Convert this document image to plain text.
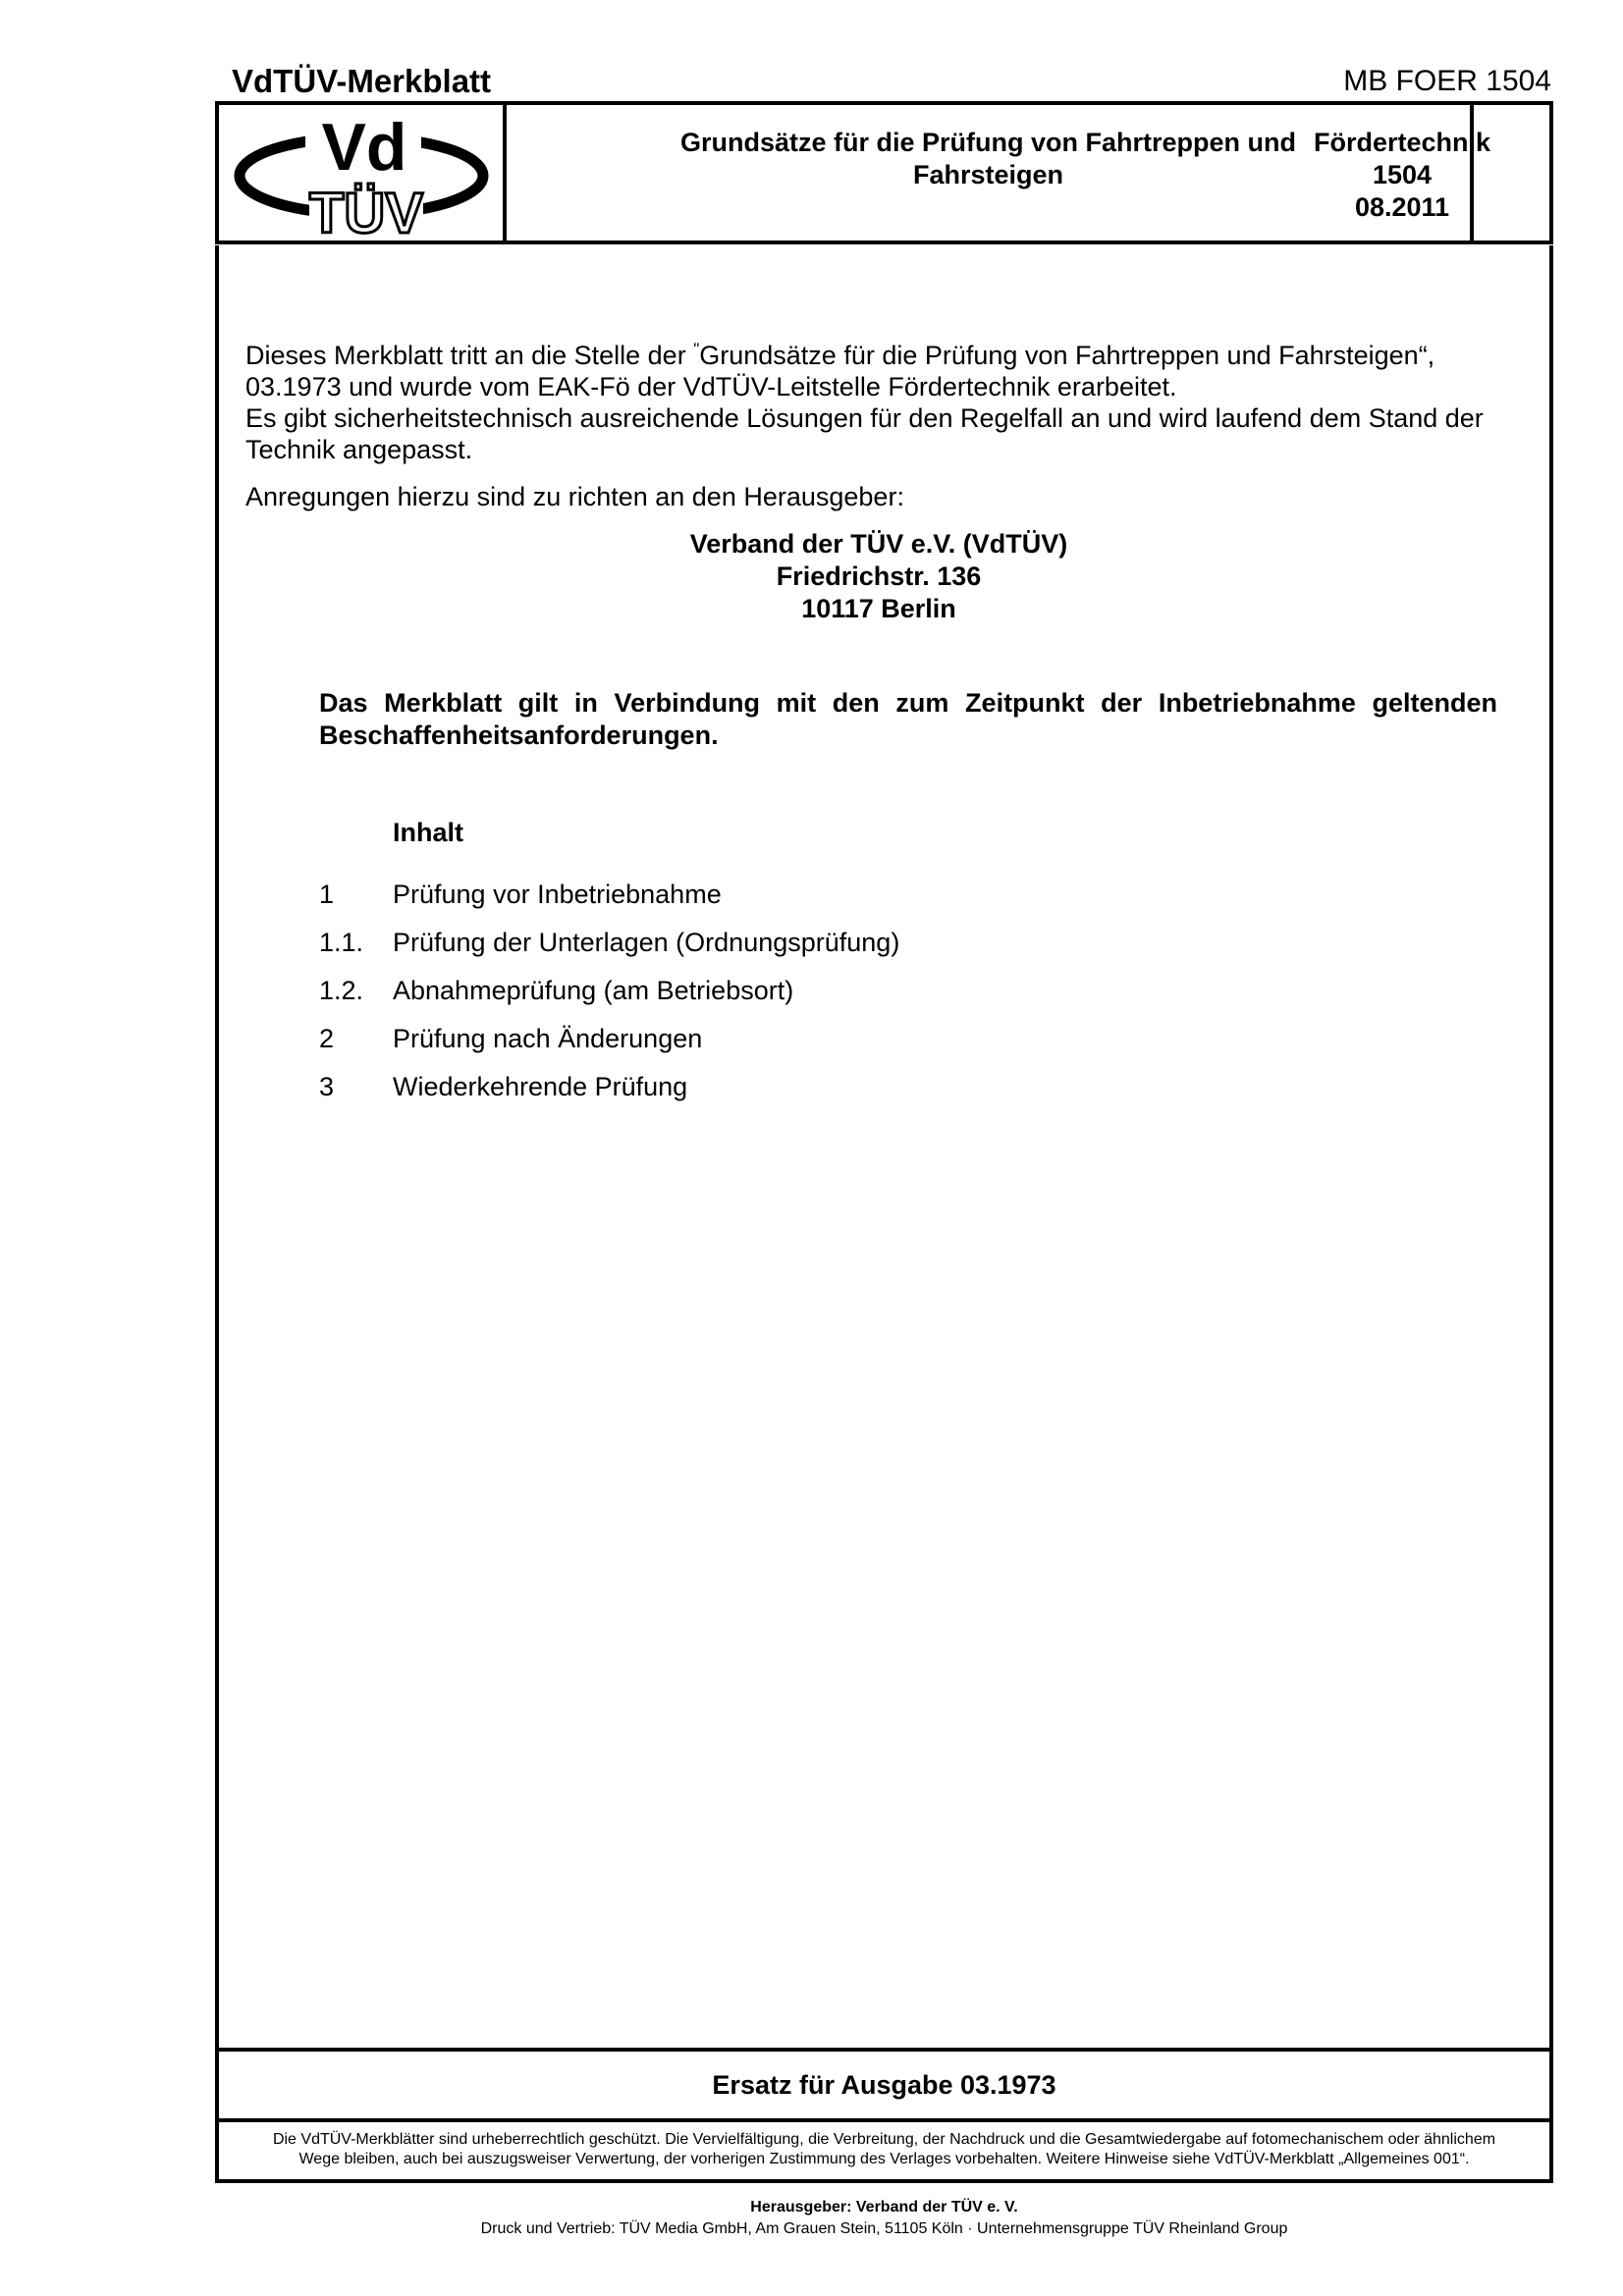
VdTÜV-Merkblatt	MB FOER 1504
Vd
TÜV
Grundsätze für die Prüfung von Fahrtreppen und
Fahrsteigen
Fördertechnik
1504
08.2011

Dieses Merkblatt tritt an die Stelle der "Grundsätze für die Prüfung von Fahrtreppen und Fahrsteigen“, 03.1973 und wurde vom EAK-Fö der VdTÜV-Leitstelle Fördertechnik erarbeitet.

Es gibt sicherheitstechnisch ausreichende Lösungen für den Regelfall an und wird laufend dem Stand der Technik angepasst.

Anregungen hierzu sind zu richten an den Herausgeber:
Verband der TÜV e.V. (VdTÜV)
Friedrichstr. 136
10117 Berlin
Das Merkblatt gilt in Verbindung mit den zum Zeitpunkt der Inbetriebnahme geltenden Beschaffenheitsanforderungen.
Inhalt
1 Prüfung vor Inbetriebnahme
1.1. Prüfung der Unterlagen (Ordnungsprüfung)
1.2. Abnahmeprüfung (am Betriebsort)
2 Prüfung nach Änderungen
3 Wiederkehrende Prüfung
Ersatz für Ausgabe 03.1973
Die VdTÜV-Merkblätter sind urheberrechtlich geschützt. Die Vervielfältigung, die Verbreitung, der Nachdruck und die Gesamtwiedergabe auf fotomechanischem oder ähnlichem
Wege bleiben, auch bei auszugsweiser Verwertung, der vorherigen Zustimmung des Verlages vorbehalten. Weitere Hinweise siehe VdTÜV-Merkblatt „Allgemeines 001“.
Herausgeber: Verband der TÜV e. V.
Druck und Vertrieb: TÜV Media GmbH, Am Grauen Stein, 51105 Köln · Unternehmensgruppe TÜV Rheinland Group
